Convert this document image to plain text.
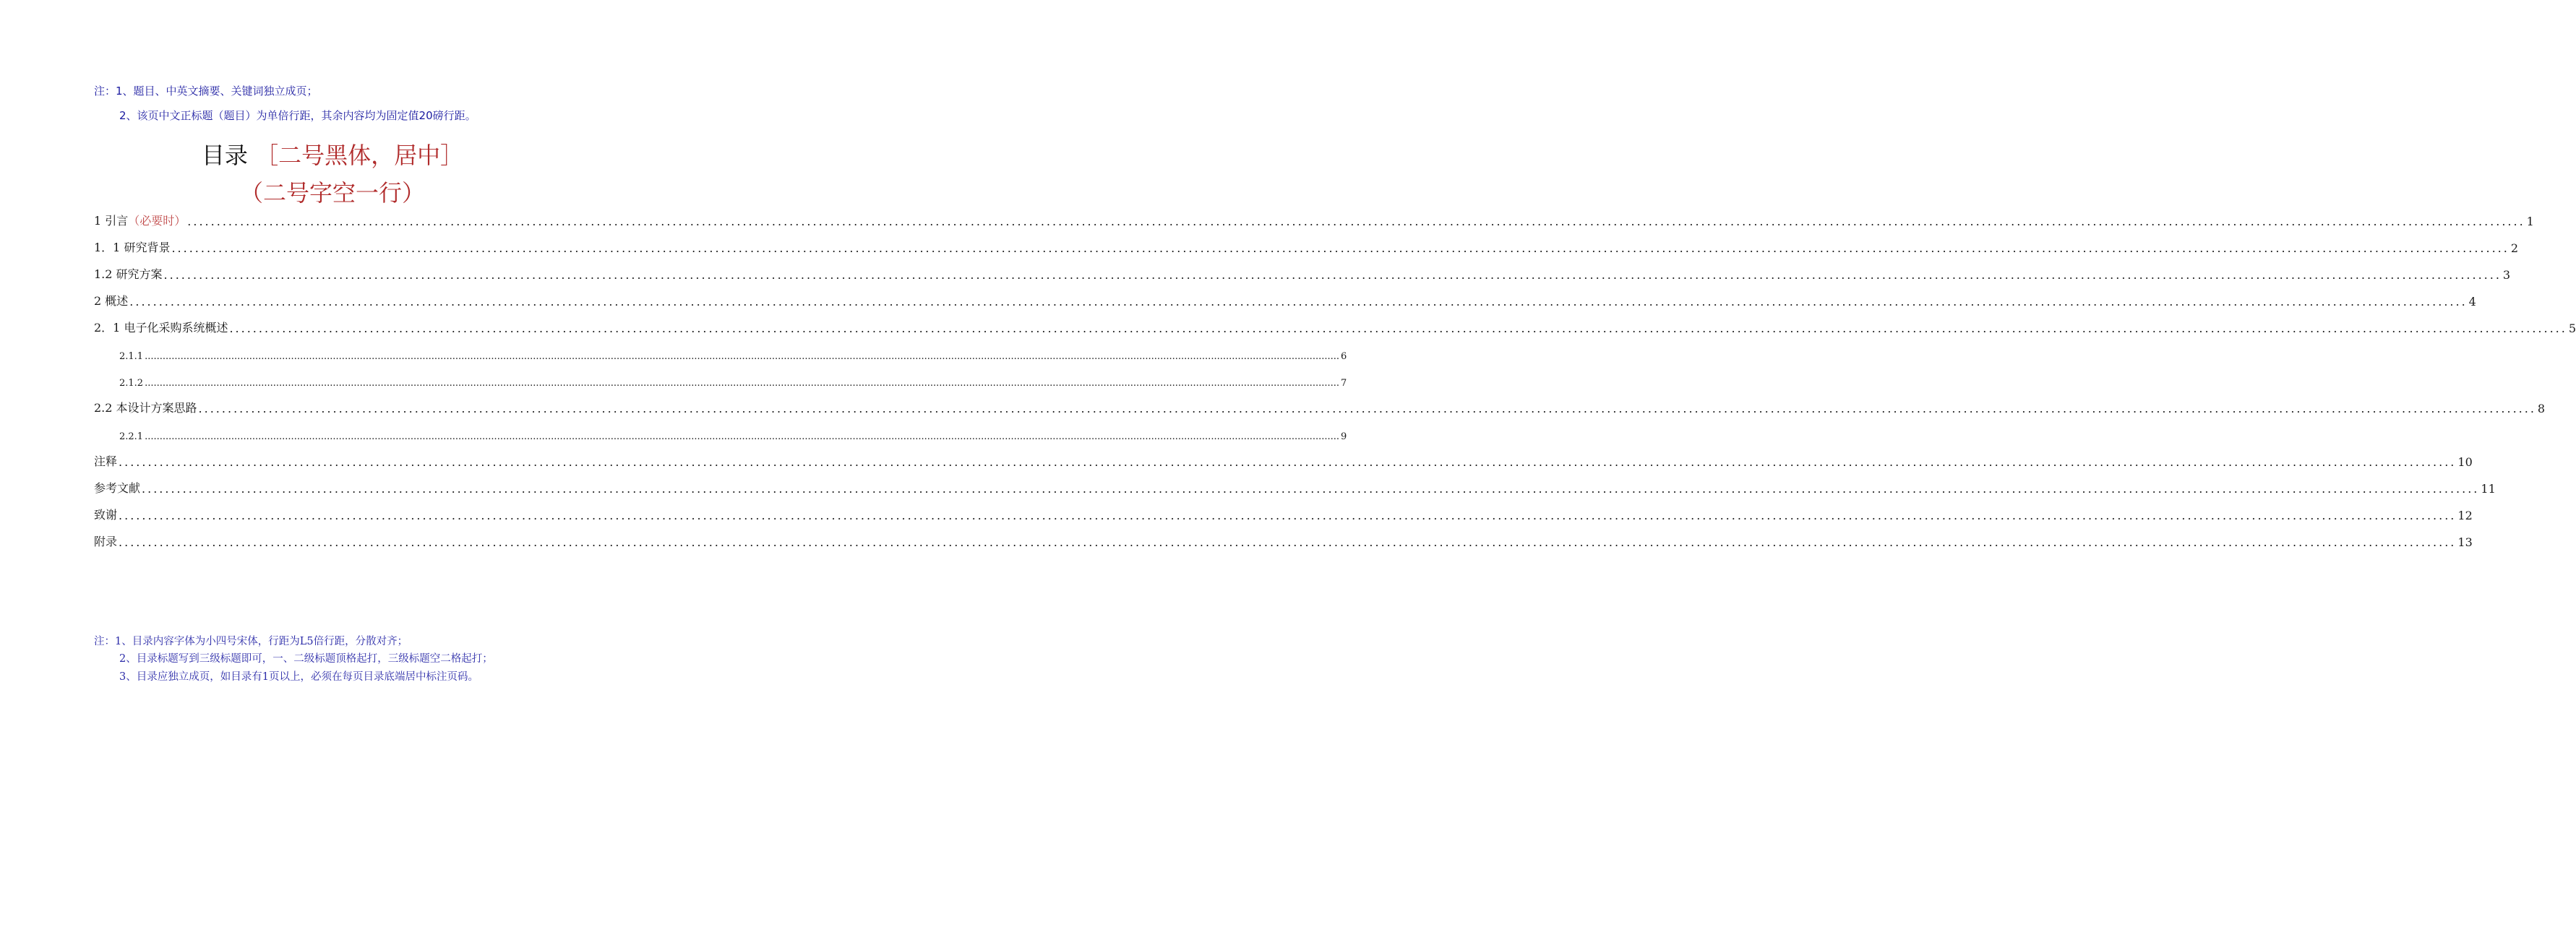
注：1、题目、中英文摘要、关键词独立成页；
2、该页中文正标题（题目）为单倍行距，其余内容均为固定值20磅行距。
目录 ［二号黑体，居中］
（二号字空一行）
1 引言 （必要时） ................................................................................................................................................................................................................................................................................................................................................................................................................ 1
1．1 研究背景 ................................................................................................................................................................................................................................................................................................................................................................................................................ 2
1.2 研究方案 ................................................................................................................................................................................................................................................................................................................................................................................................................ 3
2 概述 ................................................................................................................................................................................................................................................................................................................................................................................................................ 4
2．1 电子化采购系统概述 ................................................................................................................................................................................................................................................................................................................................................................................................................ 5
2.1.1 ................................................................................................................................................................................................................................................................................................................................................................................................................ 6
2.1.2 ................................................................................................................................................................................................................................................................................................................................................................................................................ 7
2.2 本设计方案思路 ................................................................................................................................................................................................................................................................................................................................................................................................................ 8
2.2.1 ................................................................................................................................................................................................................................................................................................................................................................................................................ 9
注释 ................................................................................................................................................................................................................................................................................................................................................................................................................ 10
参考文献 ................................................................................................................................................................................................................................................................................................................................................................................................................ 11
致谢 ................................................................................................................................................................................................................................................................................................................................................................................................................ 12
附录 ................................................................................................................................................................................................................................................................................................................................................................................................................ 13
注：1、目录内容字体为小四号宋体，行距为L5倍行距，分散对齐；
2、目录标题写到三级标题即可，一、二级标题顶格起打，三级标题空二格起打；
3、目录应独立成页，如目录有1页以上，必须在每页目录底端居中标注页码。
